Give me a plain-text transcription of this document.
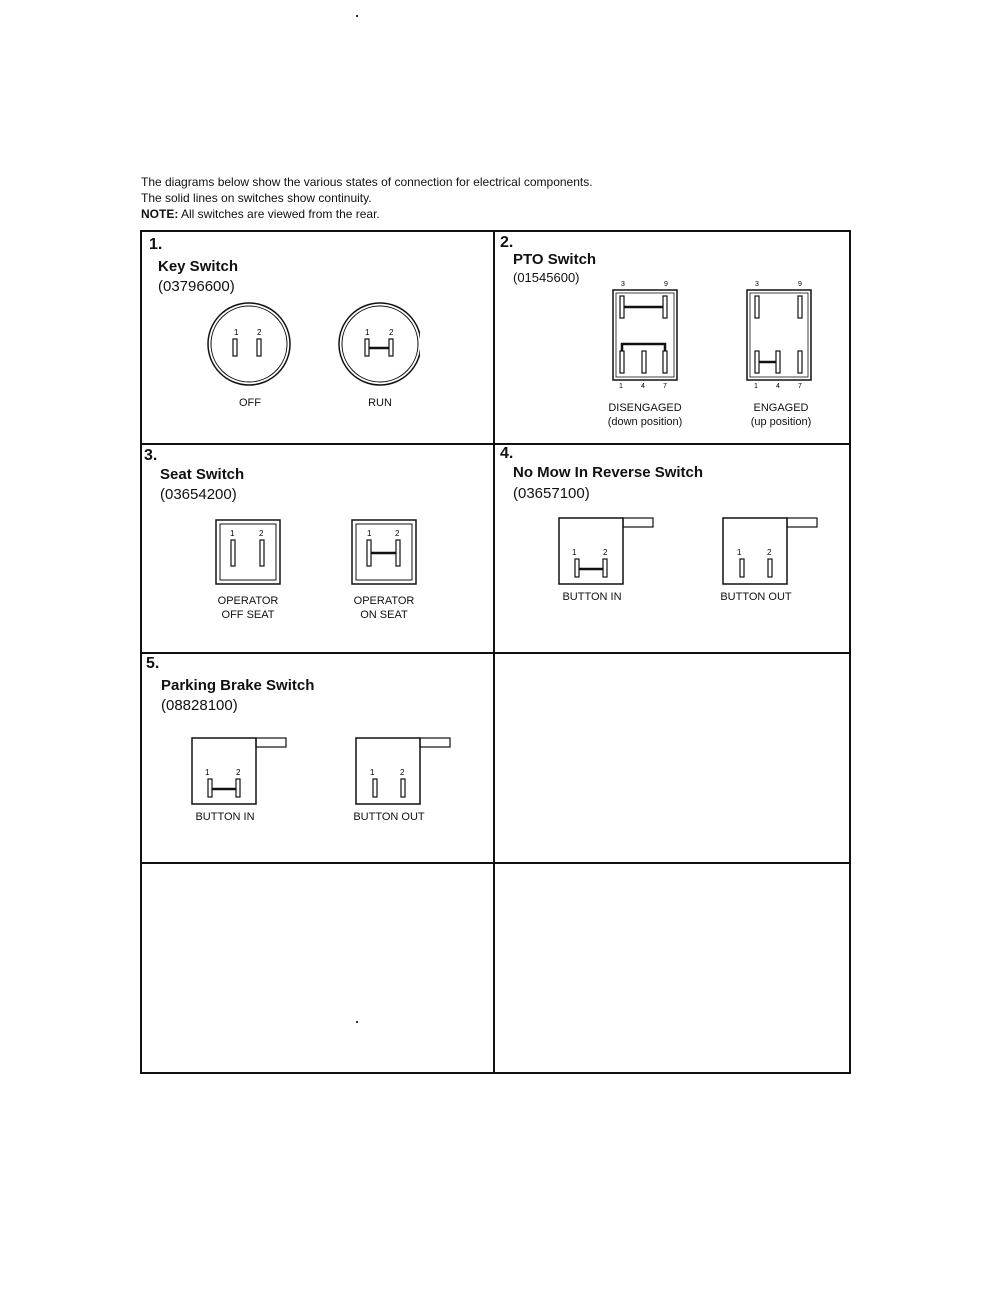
The diagrams below show the various states of connection for electrical components.
The solid lines on switches show continuity.
NOTE: All switches are viewed from the rear.
1.
Key Switch
(03796600)
1 2	1 2
OFF	RUN
2.
PTO Switch
(01545600)	3	9
1	4	7
3	9
1	4	7
DISENGAGED
(down position)
ENGAGED
(up position)
3.
Seat Switch
(03654200)
1	2	1	2
OPERATOR
OFF SEAT
OPERATOR
ON SEAT
4.
No Mow In Reverse Switch
(03657100)
1	2	1	2
BUTTON IN	BUTTON OUT
5.
Parking Brake Switch
(08828100)
1	2	1	2
BUTTON IN	BUTTON OUT
